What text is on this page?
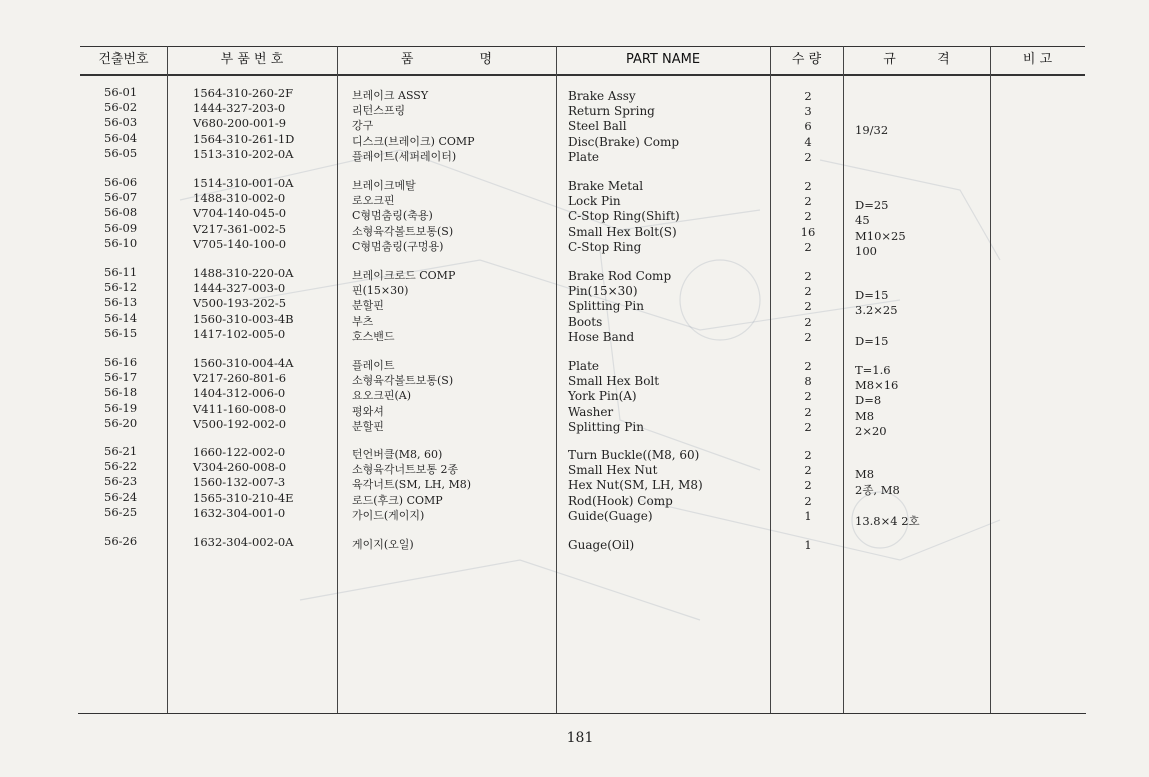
건출번호	부 품 번 호	품                명	PART NAME	수 량	규          격	비 고
56-01	1564-310-260-2F	브레이크 ASSY	Brake Assy	2
56-02	1444-327-203-0	리턴스프링	Return Spring	3
56-03	V680-200-001-9	강구	Steel Ball	6	19/32
56-04	1564-310-261-1D	디스크(브레이크) COMP	Disc(Brake) Comp	4
56-05	1513-310-202-0A	플레이트(세퍼레이터)	Plate	2
56-06	1514-310-001-0A	브레이크메탈	Brake Metal	2
56-07	1488-310-002-0	로오크핀	Lock Pin	2	D=25
56-08	V704-140-045-0	C형멈춤링(축용)	C-Stop Ring(Shift)	2	45
56-09	V217-361-002-5	소형육각볼트보통(S)	Small Hex Bolt(S)	16	M10×25
56-10	V705-140-100-0	C형멈춤링(구멍용)	C-Stop Ring	2	100
56-11	1488-310-220-0A	브레이크로드 COMP	Brake Rod Comp	2
56-12	1444-327-003-0	핀(15×30)	Pin(15×30)	2	D=15
56-13	V500-193-202-5	분할핀	Splitting Pin	2	3.2×25
56-14	1560-310-003-4B	부츠	Boots	2
56-15	1417-102-005-0	호스밴드	Hose Band	2	D=15
56-16	1560-310-004-4A	플레이트	Plate	2	T=1.6
56-17	V217-260-801-6	소형육각볼트보통(S)	Small Hex Bolt	8	M8×16
56-18	1404-312-006-0	요오크핀(A)	York Pin(A)	2	D=8
56-19	V411-160-008-0	평와셔	Washer	2	M8
56-20	V500-192-002-0	분할핀	Splitting Pin	2	2×20
56-21	1660-122-002-0	턴언버클(M8, 60)	Turn Buckle((M8, 60)	2
56-22	V304-260-008-0	소형육각너트보통 2종	Small Hex Nut	2	M8
56-23	1560-132-007-3	육각너트(SM, LH, M8)	Hex Nut(SM, LH, M8)	2	2종, M8
56-24	1565-310-210-4E	로드(후크) COMP	Rod(Hook) Comp	2
56-25	1632-304-001-0	가이드(게이지)	Guide(Guage)	1	13.8×4 2호
56-26	1632-304-002-0A	게이지(오일)	Guage(Oil)	1
181
